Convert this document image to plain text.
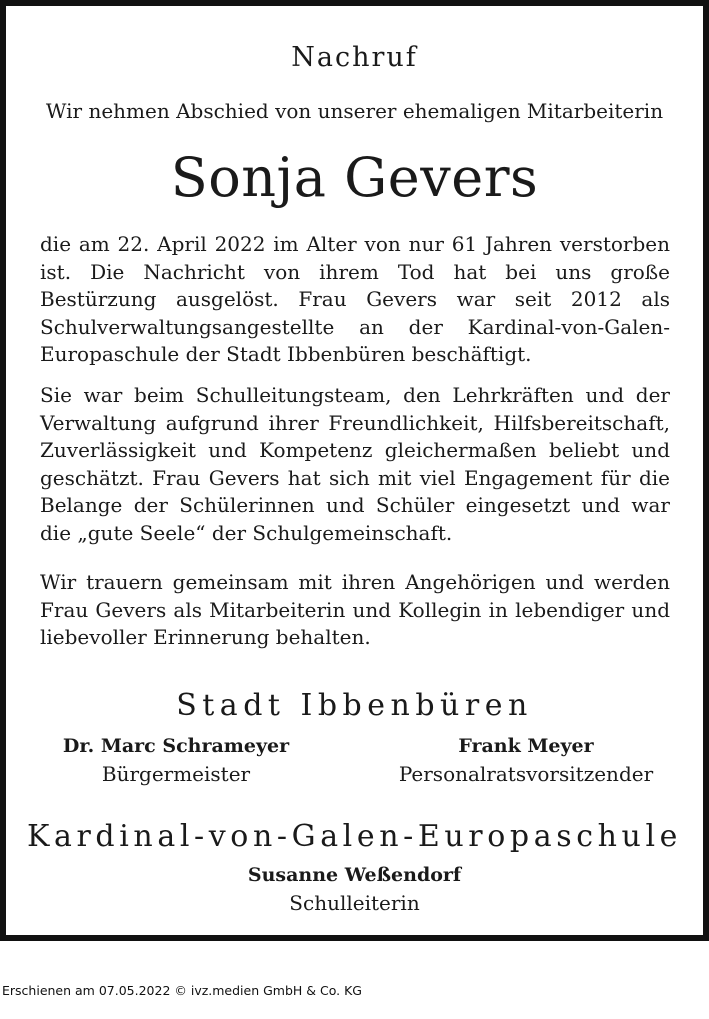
Nachruf
Wir nehmen Abschied von unserer ehemaligen Mitarbeiterin
Sonja Gevers

die am 22. April 2022 im Alter von nur 61 Jahren verstorben ist. Die Nachricht von ihrem Tod hat bei uns große Bestürzung ausgelöst. Frau Gevers war seit 2012 als Schulverwaltungsangestellte an der Kardinal-von-Galen-Europaschule der Stadt Ibbenbüren beschäftigt.

Sie war beim Schulleitungsteam, den Lehrkräften und der Verwaltung aufgrund ihrer Freundlichkeit, Hilfsbereitschaft, Zuverlässigkeit und Kompetenz gleichermaßen beliebt und geschätzt. Frau Gevers hat sich mit viel Engagement für die Belange der Schülerinnen und Schüler eingesetzt und war die „gute Seele“ der Schulgemeinschaft.

Wir trauern gemeinsam mit ihren Angehörigen und werden Frau Gevers als Mitarbeiterin und Kollegin in lebendiger und liebevoller Erinnerung behalten.

Stadt Ibbenbüren
Dr. Marc Schrameyer
Bürgermeister
Frank Meyer
Personalratsvorsitzender
Kardinal-von-Galen-Europaschule
Susanne Weßendorf
Schulleiterin
Erschienen am 07.05.2022 © ivz.medien GmbH & Co. KG
